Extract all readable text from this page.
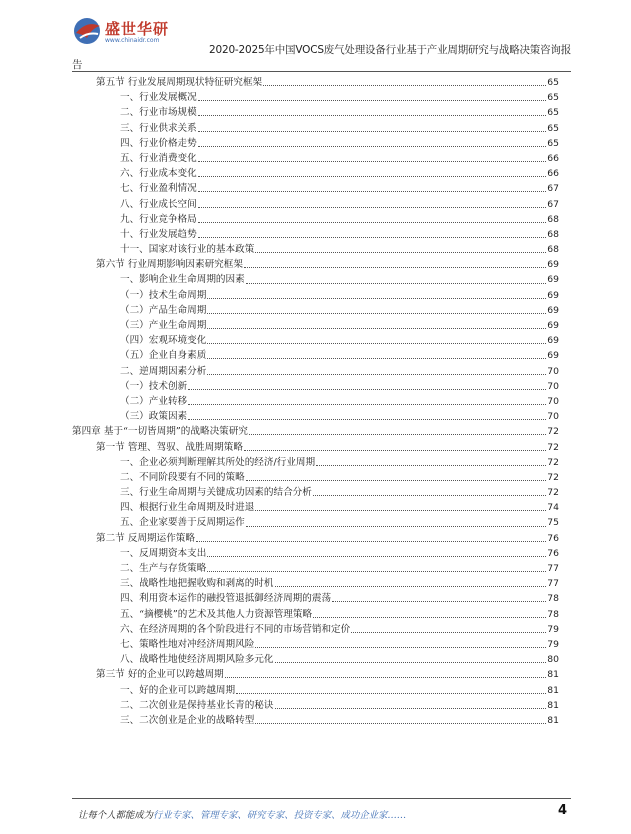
盛世华研
www.chinaidr.com
2020-2025年中国VOCS废气处理设备行业基于产业周期研究与战略决策咨询报
告
第五节 行业发展周期现状特征研究框架	65
一、行业发展概况	65
二、行业市场规模	65
三、行业供求关系	65
四、行业价格走势	65
五、行业消费变化	66
六、行业成本变化	66
七、行业盈利情况	67
八、行业成长空间	67
九、行业竞争格局	68
十、行业发展趋势	68
十一、国家对该行业的基本政策	68
第六节 行业周期影响因素研究框架	69
一、影响企业生命周期的因素	69
（一）技术生命周期	69
（二）产品生命周期	69
（三）产业生命周期	69
（四）宏观环境变化	69
（五）企业自身素质	69
二、逆周期因素分析	70
（一）技术创新	70
（二）产业转移	70
（三）政策因素	70
第四章 基于“一切皆周期”的战略决策研究	72
第一节 管理、驾驭、战胜周期策略	72
一、企业必须判断理解其所处的经济/行业周期	72
二、不同阶段要有不同的策略	72
三、行业生命周期与关键成功因素的结合分析	72
四、根据行业生命周期及时进退	74
五、企业家要善于反周期运作	75
第二节 反周期运作策略	76
一、反周期资本支出	76
二、生产与存货策略	77
三、战略性地把握收购和剥离的时机	77
四、利用资本运作的融投管退抵御经济周期的震荡	78
五、“摘樱桃”的艺术及其他人力资源管理策略	78
六、在经济周期的各个阶段进行不同的市场营销和定价	79
七、策略性地对冲经济周期风险	79
八、战略性地使经济周期风险多元化	80
第三节 好的企业可以跨越周期	81
一、好的企业可以跨越周期	81
二、二次创业是保持基业长青的秘诀	81
三、二次创业是企业的战略转型	81
让每个人都能成为行业专家、管理专家、研究专家、投资专家、成功企业家……	4
